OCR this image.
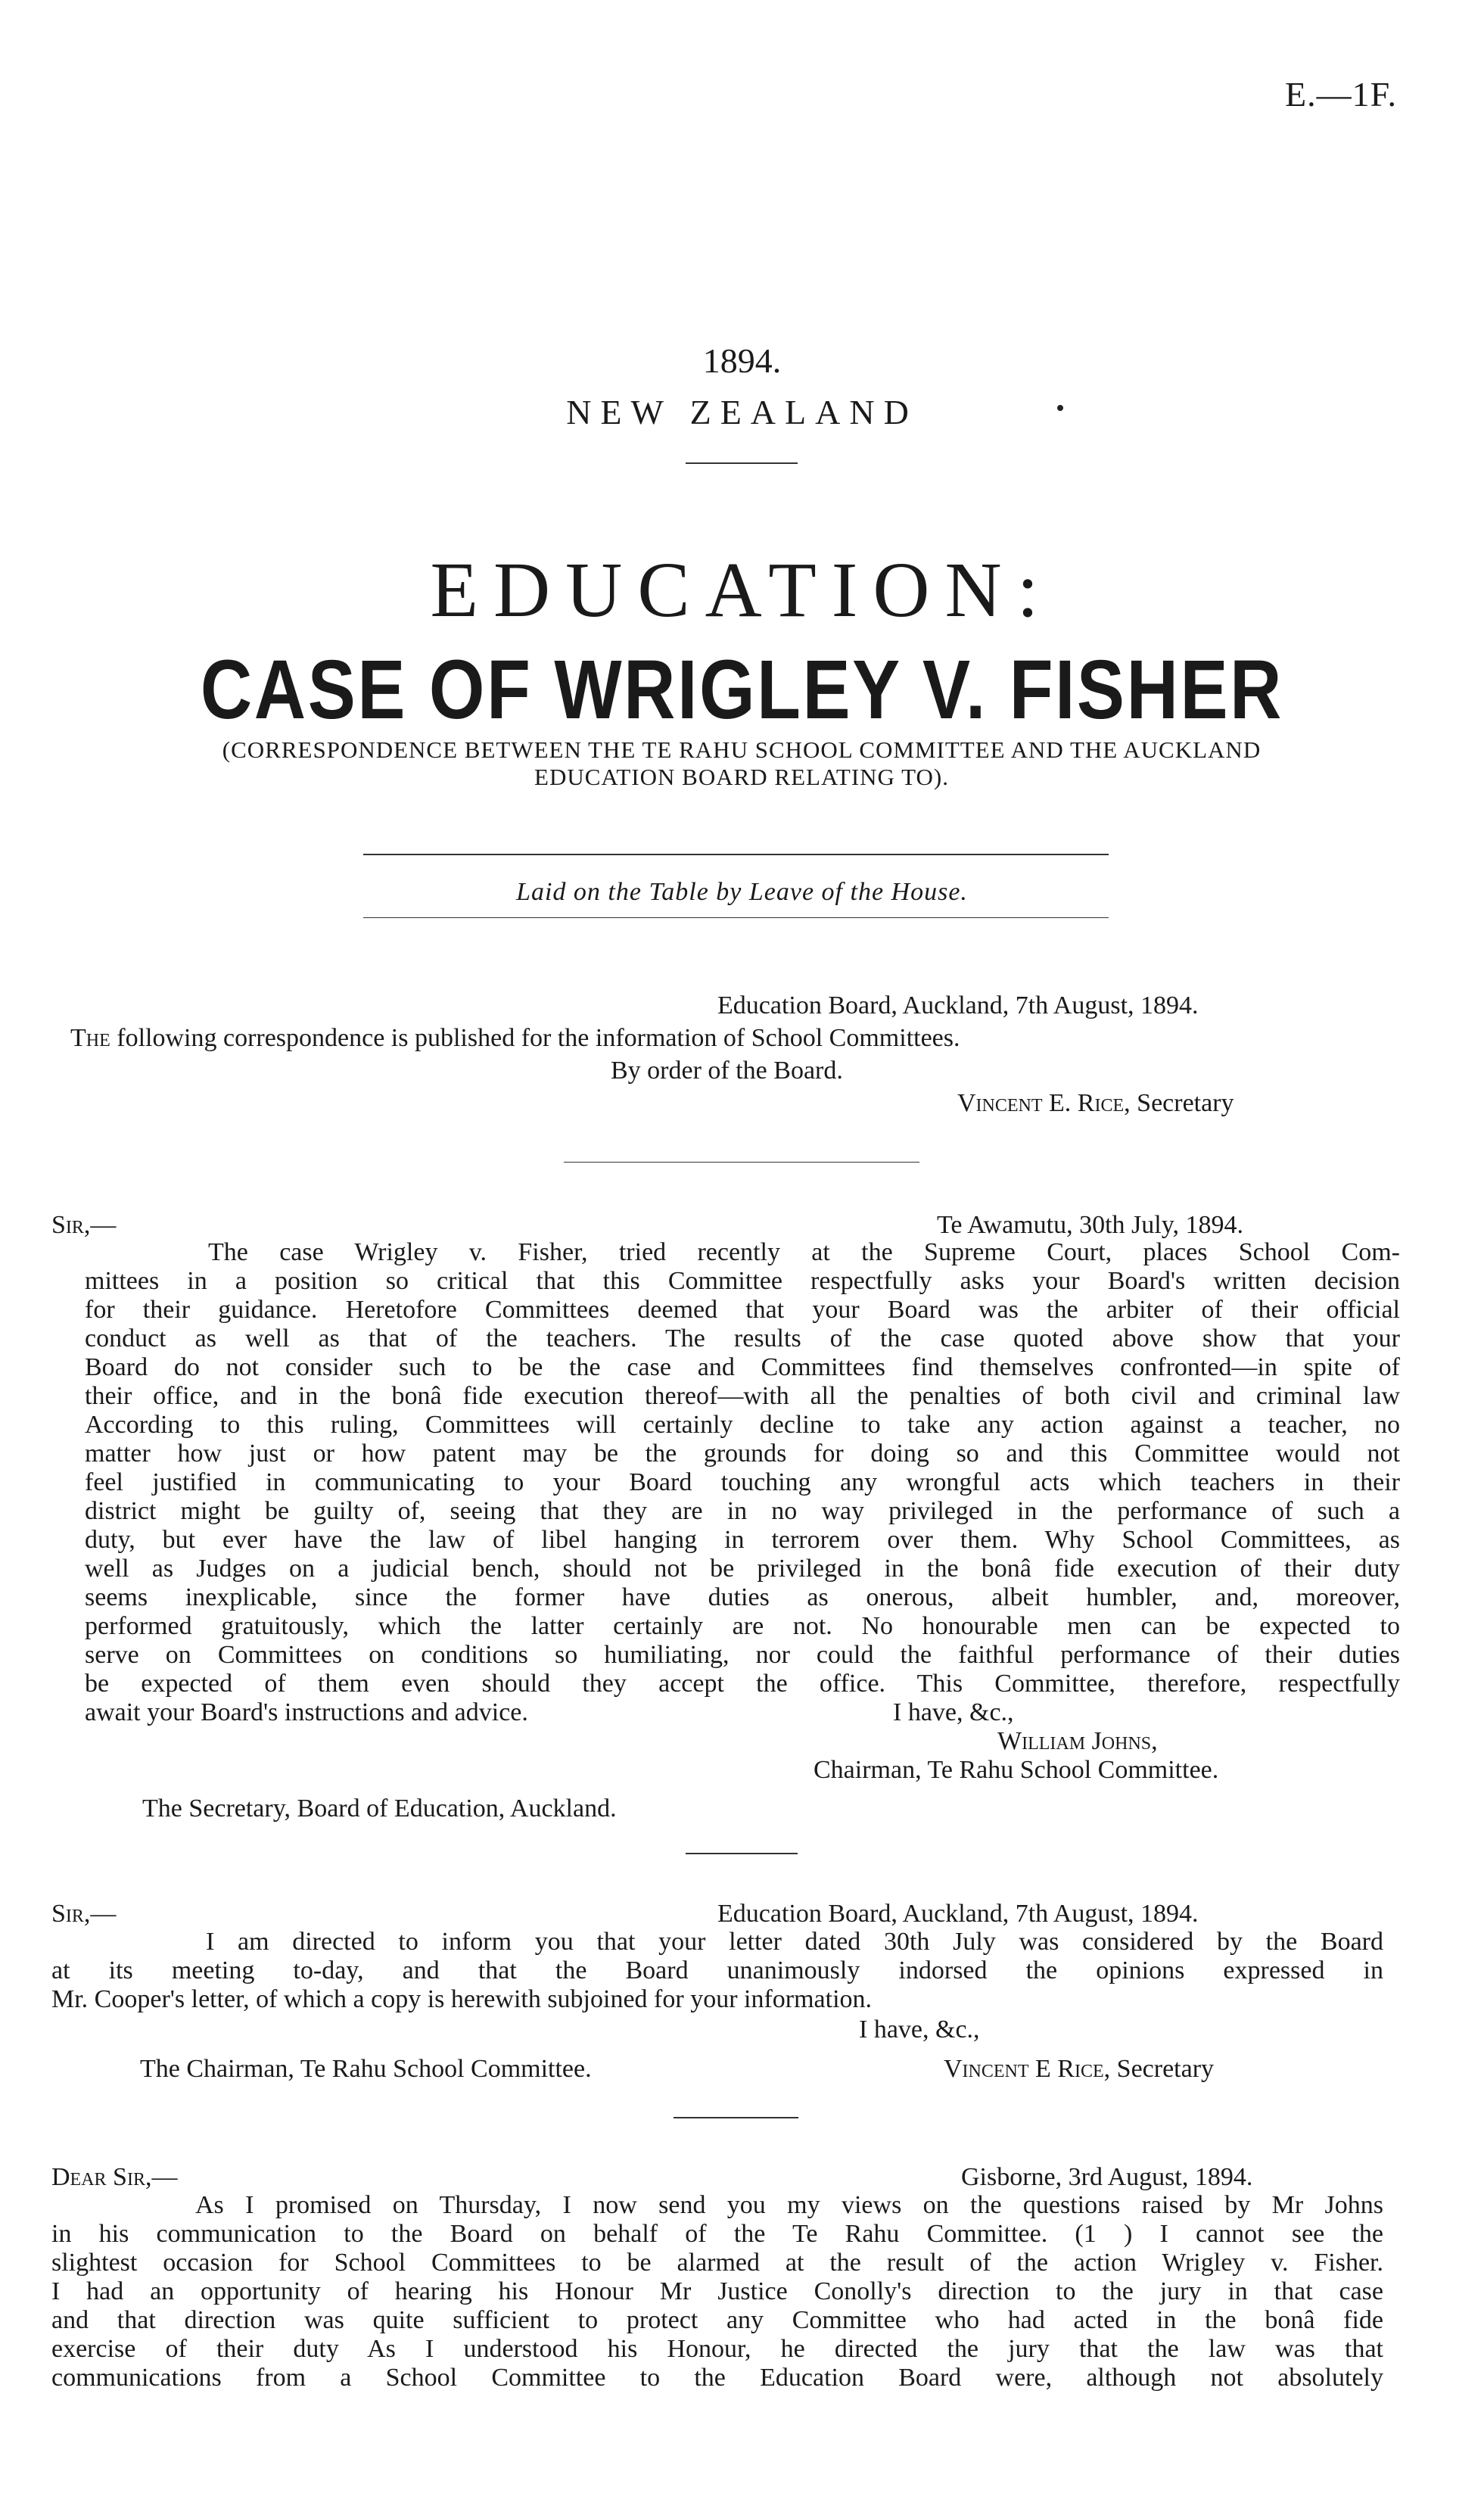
E.—1F.
1894.
NEW ZEALAND
EDUCATION:
CASE OF WRIGLEY V. FISHER
(CORRESPONDENCE BETWEEN THE TE RAHU SCHOOL COMMITTEE AND THE AUCKLAND
EDUCATION BOARD RELATING TO).
Laid on the Table by Leave of the House.
Education Board, Auckland, 7th August, 1894.
The following correspondence is published for the information of School Committees.
By order of the Board.
Vincent E. Rice, Secretary
Sir,—	Te Awamutu, 30th July, 1894.
The case Wrigley v. Fisher, tried recently at the Supreme Court, places School Com-
mittees in a position so critical that this Committee respectfully asks your Board's written decision
for their guidance. Heretofore Committees deemed that your Board was the arbiter of their official
conduct as well as that of the teachers. The results of the case quoted above show that your
Board do not consider such to be the case and Committees find themselves confronted—in spite of
their office, and in the bonâ fide execution thereof—with all the penalties of both civil and criminal law
According to this ruling, Committees will certainly decline to take any action against a teacher, no
matter how just or how patent may be the grounds for doing so and this Committee would not
feel justified in communicating to your Board touching any wrongful acts which teachers in their
district might be guilty of, seeing that they are in no way privileged in the performance of such a
duty, but ever have the law of libel hanging in terrorem over them. Why School Committees, as
well as Judges on a judicial bench, should not be privileged in the bonâ fide execution of their duty
seems inexplicable, since the former have duties as onerous, albeit humbler, and, moreover,
performed gratuitously, which the latter certainly are not. No honourable men can be expected to
serve on Committees on conditions so humiliating, nor could the faithful performance of their duties
be expected of them even should they accept the office. This Committee, therefore, respectfully
await your Board's instructions and advice.	I have, &c.,
William Johns,
Chairman, Te Rahu School Committee.
The Secretary, Board of Education, Auckland.
Sir,—	Education Board, Auckland, 7th August, 1894.
I am directed to inform you that your letter dated 30th July was considered by the Board
at its meeting to-day, and that the Board unanimously indorsed the opinions expressed in
Mr. Cooper's letter, of which a copy is herewith subjoined for your information.
I have, &c.,
The Chairman, Te Rahu School Committee.	Vincent E Rice, Secretary
Dear Sir,—	Gisborne, 3rd August, 1894.
As I promised on Thursday, I now send you my views on the questions raised by Mr Johns
in his communication to the Board on behalf of the Te Rahu Committee. (1 ) I cannot see the
slightest occasion for School Committees to be alarmed at the result of the action Wrigley v. Fisher.
I had an opportunity of hearing his Honour Mr Justice Conolly's direction to the jury in that case
and that direction was quite sufficient to protect any Committee who had acted in the bonâ fide
exercise of their duty As I understood his Honour, he directed the jury that the law was that
communications from a School Committee to the Education Board were, although not absolutely
